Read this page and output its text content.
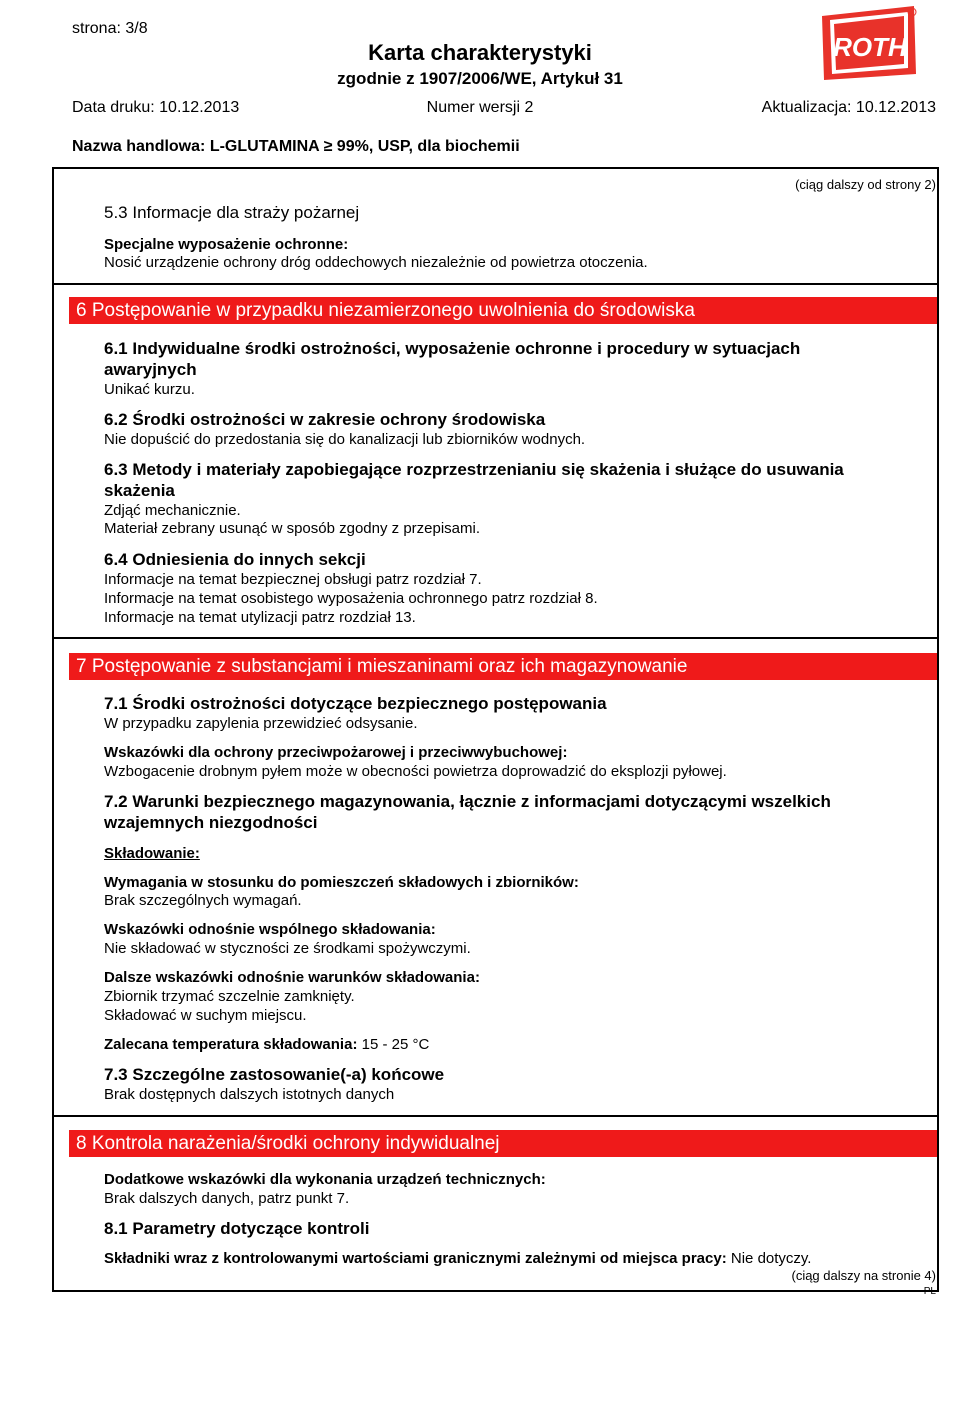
strona: 3/8
Karta charakterystyki
zgodnie z 1907/2006/WE, Artykuł 31
Data druku: 10.12.2013	Numer wersji 2	Aktualizacja: 10.12.2013
Nazwa handlowa: L-GLUTAMINA ≥ 99%, USP, dla biochemii
ROTH
(ciąg dalszy od strony 2)
5.3 Informacje dla straży pożarnej
Specjalne wyposażenie ochronne:
Nosić urządzenie ochrony dróg oddechowych niezależnie od powietrza otoczenia.
6 Postępowanie w przypadku niezamierzonego uwolnienia do środowiska
6.1 Indywidualne środki ostrożności, wyposażenie ochronne i procedury w sytuacjach
awaryjnych
Unikać kurzu.
6.2 Środki ostrożności w zakresie ochrony środowiska
Nie dopuścić do przedostania się do kanalizacji lub zbiorników wodnych.
6.3 Metody i materiały zapobiegające rozprzestrzenianiu się skażenia i służące do usuwania
skażenia
Zdjąć mechanicznie.
Materiał zebrany usunąć w sposób zgodny z przepisami.
6.4 Odniesienia do innych sekcji
Informacje na temat bezpiecznej obsługi patrz rozdział 7.
Informacje na temat osobistego wyposażenia ochronnego patrz rozdział 8.
Informacje na temat utylizacji patrz rozdział 13.
7 Postępowanie z substancjami i mieszaninami oraz ich magazynowanie
7.1 Środki ostrożności dotyczące bezpiecznego postępowania
W przypadku zapylenia przewidzieć odsysanie.
Wskazówki dla ochrony przeciwpożarowej i przeciwwybuchowej:
Wzbogacenie drobnym pyłem może w obecności powietrza doprowadzić do eksplozji pyłowej.
7.2 Warunki bezpiecznego magazynowania, łącznie z informacjami dotyczącymi wszelkich
wzajemnych niezgodności
Składowanie:
Wymagania w stosunku do pomieszczeń składowych i zbiorników:
Brak szczególnych wymagań.
Wskazówki odnośnie wspólnego składowania:
Nie składować w styczności ze środkami spożywczymi.
Dalsze wskazówki odnośnie warunków składowania:
Zbiornik trzymać szczelnie zamknięty.
Składować w suchym miejscu.
Zalecana temperatura składowania: 15 - 25 °C
7.3 Szczególne zastosowanie(-a) końcowe
Brak dostępnych dalszych istotnych danych
8 Kontrola narażenia/środki ochrony indywidualnej
Dodatkowe wskazówki dla wykonania urządzeń technicznych:
Brak dalszych danych, patrz punkt 7.
8.1 Parametry dotyczące kontroli
Składniki wraz z kontrolowanymi wartościami granicznymi zależnymi od miejsca pracy: Nie dotyczy.
(ciąg dalszy na stronie 4)
PL
